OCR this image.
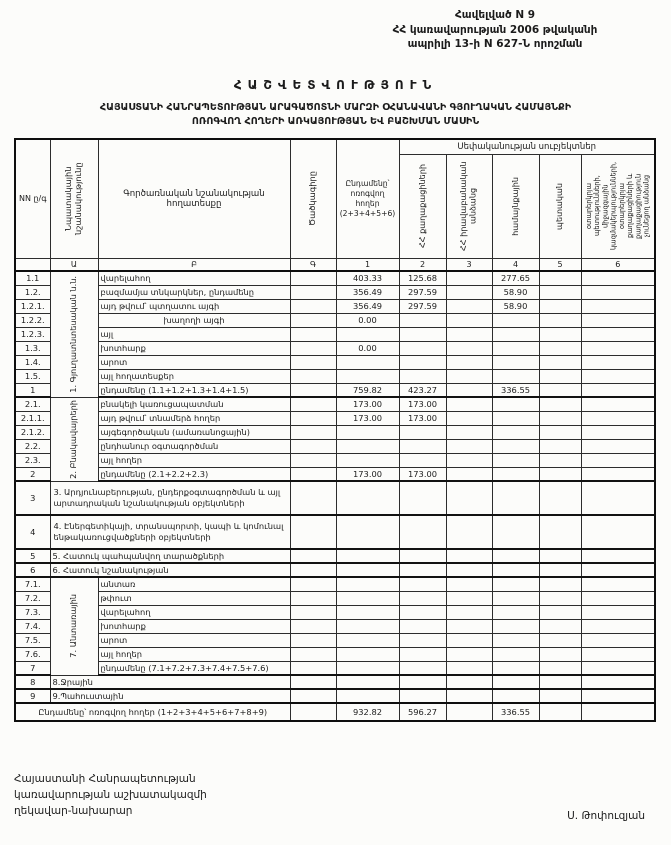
Հավելված N 9
ՀՀ կառավարության 2006 թվականի
ապրիլի 13-ի N 627-Ն որոշման
ՀԱՇՎԵՏՎՈՒԹՅՈՒՆ
ՀԱՅԱՍՏԱՆԻ ՀԱՆՐԱՊԵՏՈՒԹՅԱՆ ԱՐԱԳԱԾՈՏՆԻ ՄԱՐԶԻ ՕՀԱՆԱՎԱՆԻ ԳՅՈՒՂԱԿԱՆ ՀԱՄԱՅՆՔԻ
ՈՌՈԳՎՈՂ ՀՈՂԵՐԻ ԱՌԿԱՅՈՒԹՅԱՆ ԵՎ ԲԱՇԽՄԱՆ ՄԱՍԻՆ
NN ը/գ	Նպատակային նշանակությունը	Գործառնական նշանակության հողատեսքը	Ծածկագիրը	Ընդամենը՝ ոռոգվող հողեր (2+3+4+5+6)	Սեփականության սուբյեկտներ				

					ՀՀ քաղաքացիների	ՀՀ իրավաբանական անձանց	համայնքային	պետական	օտարերկրյա պետությունների, միջազգային կազմակերպությունների, օտարերկրյա քաղաքացիների և քաղաքացիություն չունեցող անձանց

	Ա	Բ	Գ	1	2	3	4	5	6
1.1	1. Գյուղատնտեսական ն.ն.	վարելահող		403.33	125.68		277.65		
1.2.		բազմամյա տնկարկներ, ընդամենը		356.49	297.59		58.90		
1.2.1.		այդ թվում՝ պտղատու այգի		356.49	297.59		58.90		
1.2.2.		խաղողի այգի		0.00					
1.2.3.		այլ							
1.3.		խոտհարք		0.00					
1.4.		արոտ							
1.5.		այլ հողատեսքեր							
1		ընդամենը (1.1+1.2+1.3+1.4+1.5)		759.82	423.27		336.55		
2.1.	2. Բնակավայրերի	բնակելի կառուցապատման		173.00	173.00				
2.1.1.		այդ թվում՝ տնամերձ հողեր		173.00	173.00				
2.1.2.		այգեգործական (ամառանոցային)							
2.2.		ընդհանուր օգտագործման							
2.3.		այլ հողեր							
2		ընդամենը (2.1+2.2+2.3)		173.00	173.00				
3	3. Արդյունաբերության, ընդերքօգտագործման և այլ արտադրական նշանակության օբյեկտների								
4	4. Էներգետիկայի, տրանսպորտի, կապի և կոմունալ ենթակառուցվածքների օբյեկտների								
5	5. Հատուկ պահպանվող տարածքների								
6	6. Հատուկ նշանակության								
7.1.	7. Անտառային	անտառ							
7.2.		թփուտ							
7.3.		վարելահող							
7.4.		խոտհարք							
7.5.		արոտ							
7.6.		այլ հողեր							
7		ընդամենը (7.1+7.2+7.3+7.4+7.5+7.6)							
8	8.Ջրային								
9	9.Պահուստային								
Ընդամենը՝ ոռոգվող հողեր (1+2+3+4+5+6+7+8+9)				932.82	596.27		336.55		
Հայաստանի Հանրապետության
կառավարության աշխատակազմի
ղեկավար-նախարար	Ս. Թոփուզյան
